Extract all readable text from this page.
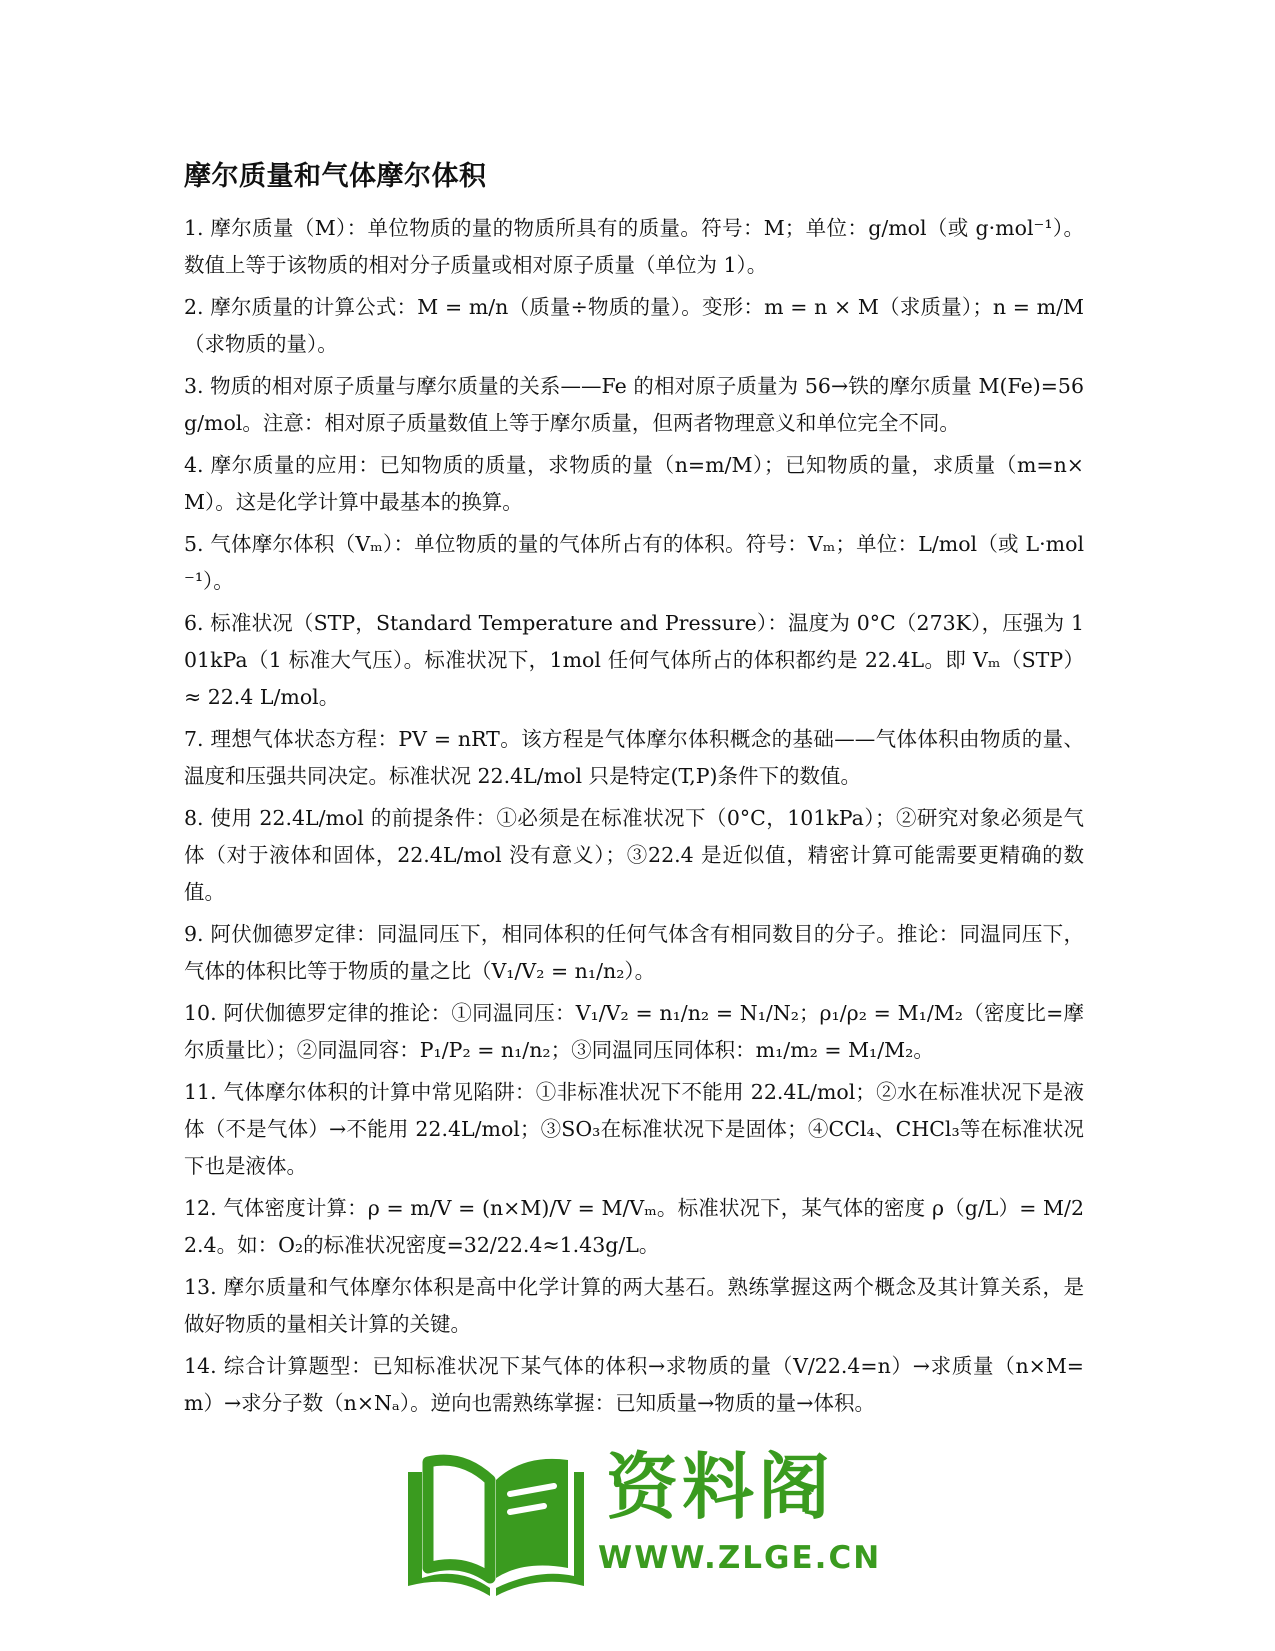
摩尔质量和气体摩尔体积

1. 摩尔质量（M）：单位物质的量的物质所具有的质量。符号：M；单位：g/mol（或 g·mol⁻¹）。数值上等于该物质的相对分子质量或相对原子质量（单位为 1）。

2. 摩尔质量的计算公式：M = m/n（质量÷物质的量）。变形：m = n × M（求质量）；n = m/M（求物质的量）。

3. 物质的相对原子质量与摩尔质量的关系——Fe 的相对原子质量为 56→铁的摩尔质量 M(Fe)=56g/mol。注意：相对原子质量数值上等于摩尔质量，但两者物理意义和单位完全不同。

4. 摩尔质量的应用：已知物质的质量，求物质的量（n=m/M）；已知物质的量，求质量（m=n×M）。这是化学计算中最基本的换算。

5. 气体摩尔体积（Vₘ）：单位物质的量的气体所占有的体积。符号：Vₘ；单位：L/mol（或 L·mol⁻¹）。

6. 标准状况（STP，Standard Temperature and Pressure）：温度为 0°C（273K），压强为 101kPa（1 标准大气压）。标准状况下，1mol 任何气体所占的体积都约是 22.4L。即 Vₘ（STP）≈ 22.4 L/mol。

7. 理想气体状态方程：PV = nRT。该方程是气体摩尔体积概念的基础——气体体积由物质的量、温度和压强共同决定。标准状况 22.4L/mol 只是特定(T,P)条件下的数值。

8. 使用 22.4L/mol 的前提条件：①必须是在标准状况下（0°C，101kPa）；②研究对象必须是气体（对于液体和固体，22.4L/mol 没有意义）；③22.4 是近似值，精密计算可能需要更精确的数值。

9. 阿伏伽德罗定律：同温同压下，相同体积的任何气体含有相同数目的分子。推论：同温同压下，气体的体积比等于物质的量之比（V₁/V₂ = n₁/n₂）。

10. 阿伏伽德罗定律的推论：①同温同压：V₁/V₂ = n₁/n₂ = N₁/N₂；ρ₁/ρ₂ = M₁/M₂（密度比=摩尔质量比）；②同温同容：P₁/P₂ = n₁/n₂；③同温同压同体积：m₁/m₂ = M₁/M₂。

11. 气体摩尔体积的计算中常见陷阱：①非标准状况下不能用 22.4L/mol；②水在标准状况下是液体（不是气体）→不能用 22.4L/mol；③SO₃在标准状况下是固体；④CCl₄、CHCl₃等在标准状况下也是液体。

12. 气体密度计算：ρ = m/V = (n×M)/V = M/Vₘ。标准状况下，某气体的密度 ρ（g/L）= M/22.4。如：O₂的标准状况密度=32/22.4≈1.43g/L。

13. 摩尔质量和气体摩尔体积是高中化学计算的两大基石。熟练掌握这两个概念及其计算关系，是做好物质的量相关计算的关键。

14. 综合计算题型：已知标准状况下某气体的体积→求物质的量（V/22.4=n）→求质量（n×M=m）→求分子数（n×Nₐ）。逆向也需熟练掌握：已知质量→物质的量→体积。

资料阁
WWW.ZLGE.CN
